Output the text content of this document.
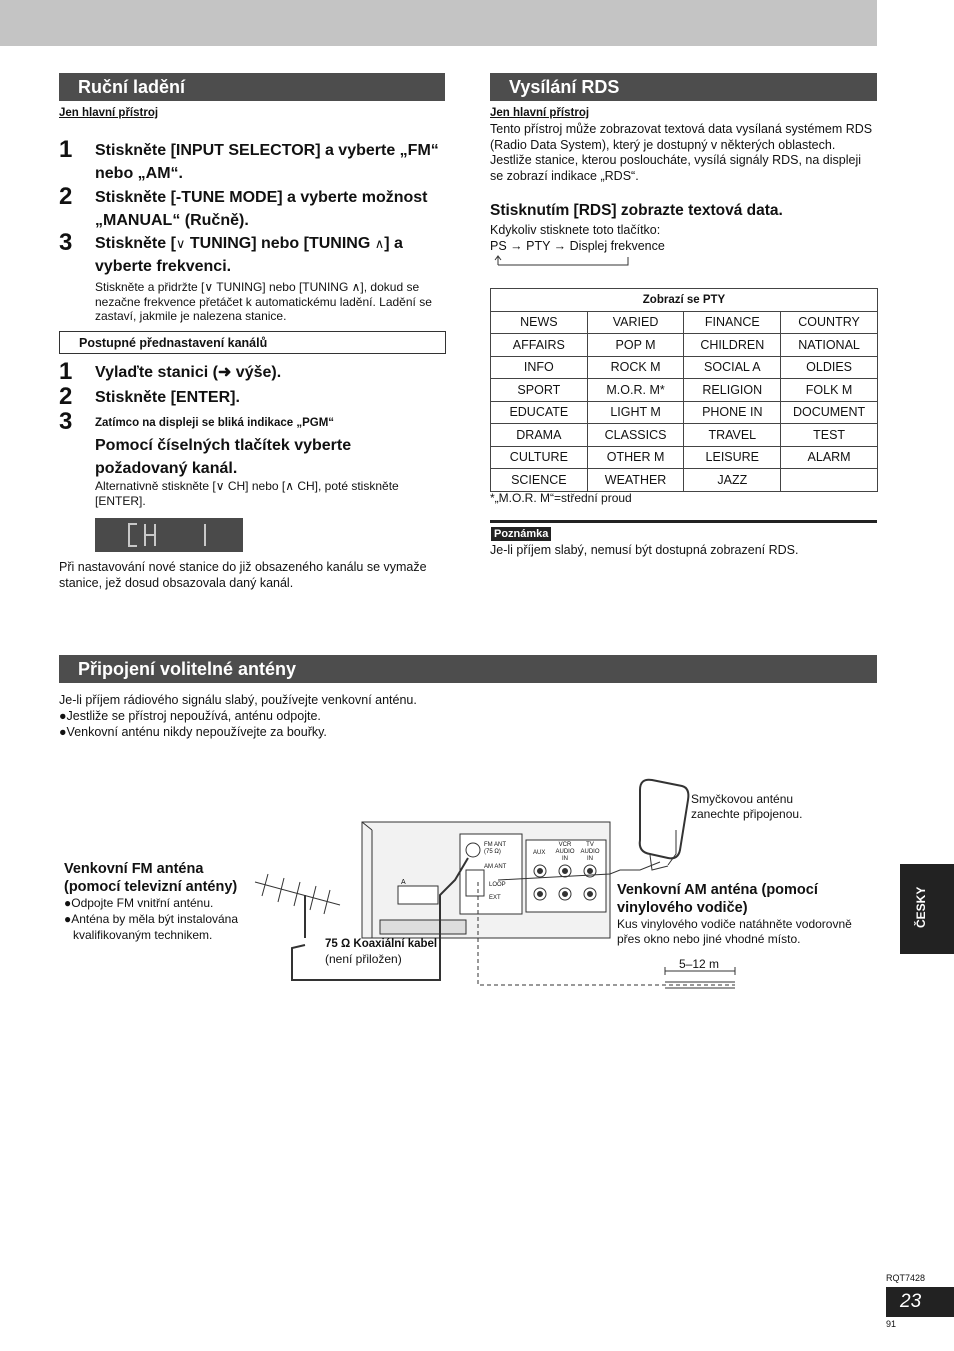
Ruční ladění
Jen hlavní přístroj
1 Stiskněte [INPUT SELECTOR] a vyberte „FM“ nebo „AM“.
2 Stiskněte [-TUNE MODE] a vyberte možnost „MANUAL“ (Ručně).
3 Stiskněte [∨ TUNING] nebo [TUNING ∧] a vyberte frekvenci.
Stiskněte a přidržte [∨ TUNING] nebo [TUNING ∧], dokud se nezačne frekvence přetáčet k automatickému ladění. Ladění se zastaví, jakmile je nalezena stanice.
Postupné přednastavení kanálů
1 Vylaďte stanici (➜ výše).
2 Stiskněte [ENTER].
3 Zatímco na displeji se bliká indikace „PGM“
Pomocí číselných tlačítek vyberte požadovaný kanál.
Alternativně stiskněte [∨ CH] nebo [∧ CH], poté stiskněte [ENTER].
Při nastavování nové stanice do již obsazeného kanálu se vymaže stanice, jež dosud obsazovala daný kanál.
Vysílání RDS
Jen hlavní přístroj
Tento přístroj může zobrazovat textová data vysílaná systémem RDS (Radio Data System), který je dostupný v některých oblastech. Jestliže stanice, kterou posloucháte, vysílá signály RDS, na displeji se zobrazí indikace „RDS“.
Stisknutím [RDS] zobrazte textová data.
Kdykoliv stisknete toto tlačítko:
PS → PTY → Displej frekvence
Zobrazí se PTY			
NEWS	VARIED	FINANCE	COUNTRY
AFFAIRS	POP M	CHILDREN	NATIONAL
INFO	ROCK M	SOCIAL A	OLDIES
SPORT	M.O.R. M*	RELIGION	FOLK M
EDUCATE	LIGHT M	PHONE IN	DOCUMENT
DRAMA	CLASSICS	TRAVEL	TEST
CULTURE	OTHER M	LEISURE	ALARM
SCIENCE	WEATHER	JAZZ	
*„M.O.R. M“=střední proud
Poznámka
Je-li příjem slabý, nemusí být dostupná zobrazení RDS.
Připojení volitelné antény
Je-li příjem rádiového signálu slabý, používejte venkovní anténu.
●Jestliže se přístroj nepoužívá, anténu odpojte.
●Venkovní anténu nikdy nepoužívejte za bouřky.
A
FM ANT
(75 Ω)
AM ANT
LOOP
EXT
AUX
VCR AUDIO IN
TV AUDIO IN
Venkovní FM anténa
(pomocí televizní antény)
●Odpojte FM vnitřní anténu.
●Anténa by měla být instalována
kvalifikovaným technikem.
75 Ω Koaxiální kabel
(není přiložen)
Smyčkovou anténu
zanechte připojenou.
Venkovní AM anténa (pomocí
vinylového vodiče)
Kus vinylového vodiče natáhněte vodorovně
přes okno nebo jiné vhodné místo.
5–12 m
ČESKY
RQT7428
23
91
